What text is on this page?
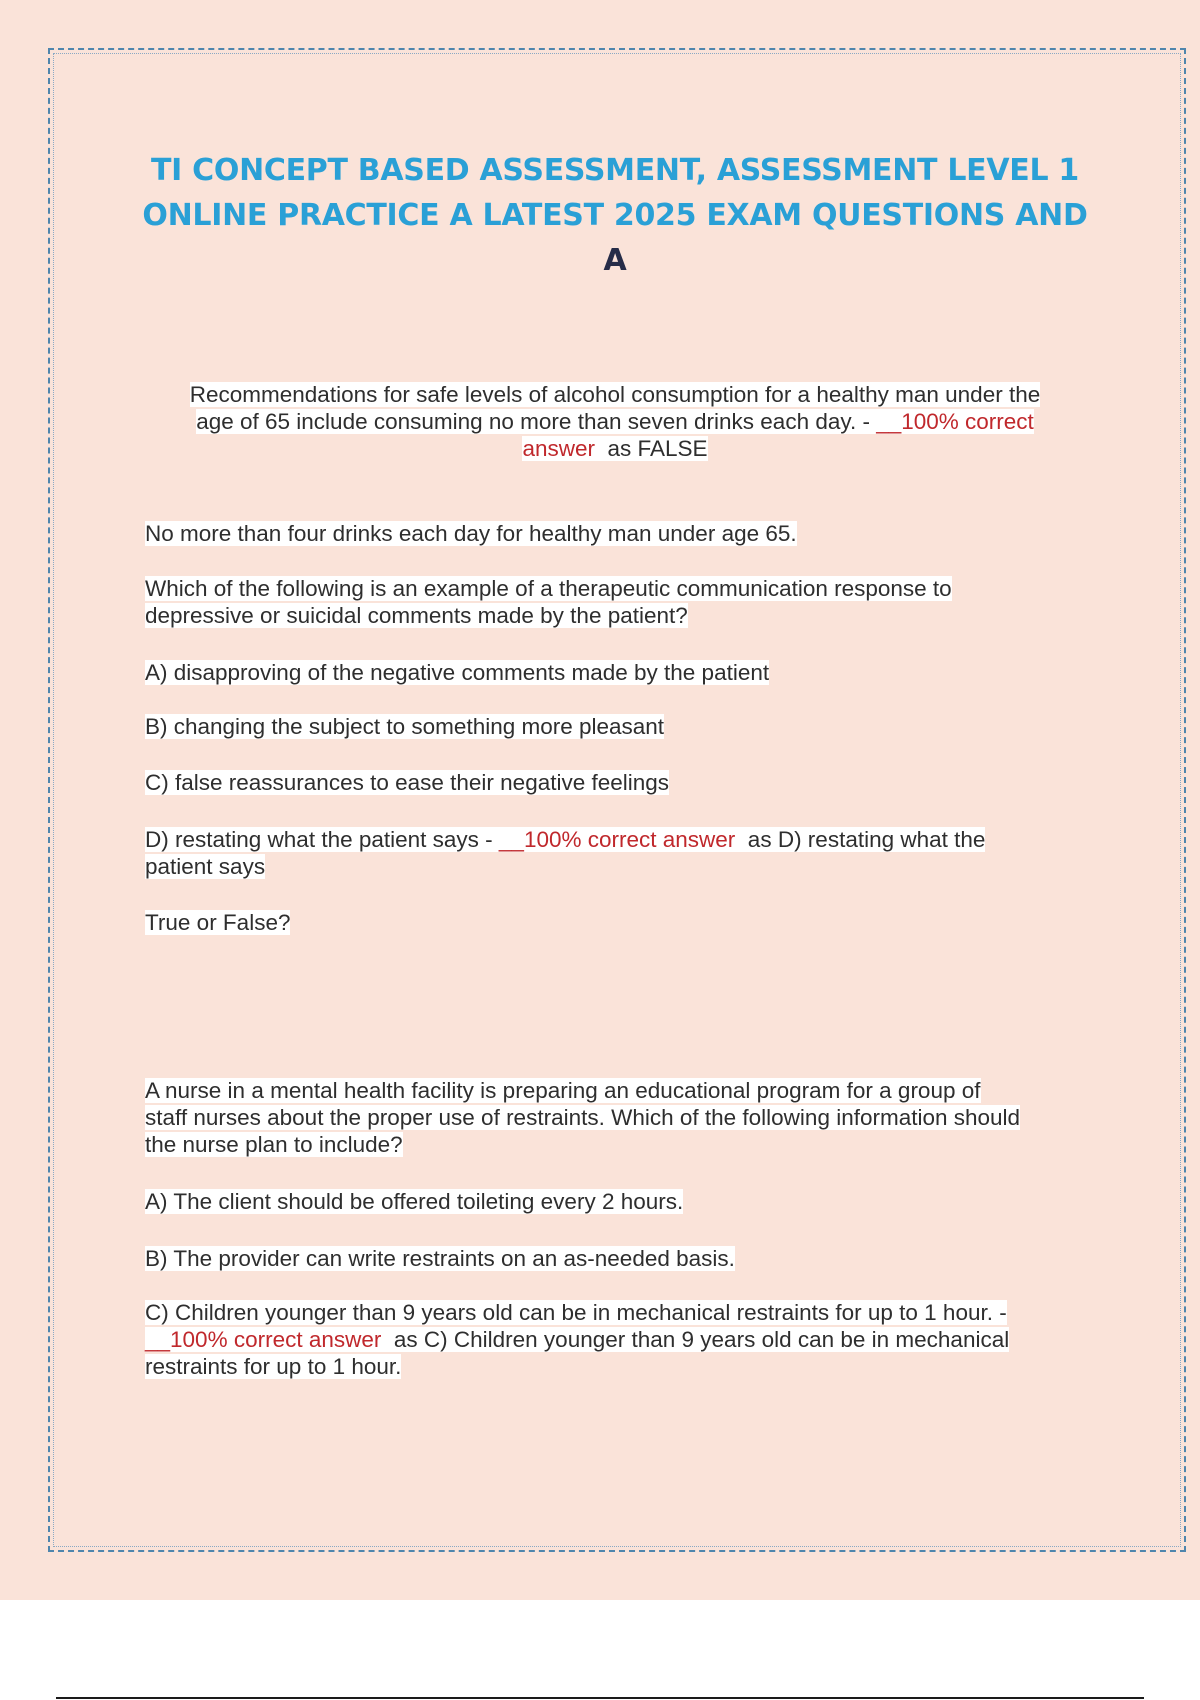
TI CONCEPT BASED ASSESSMENT, ASSESSMENT LEVEL 1
ONLINE PRACTICE A LATEST 2025 EXAM QUESTIONS AND
A
Recommendations for safe levels of alcohol consumption for a healthy man under the
age of 65 include consuming no more than seven drinks each day. - __100% correct
answer  as FALSE
No more than four drinks each day for healthy man under age 65.
Which of the following is an example of a therapeutic communication response to
depressive or suicidal comments made by the patient?
A) disapproving of the negative comments made by the patient
B) changing the subject to something more pleasant
C) false reassurances to ease their negative feelings
D) restating what the patient says - __100% correct answer  as D) restating what the
patient says
True or False?
A nurse in a mental health facility is preparing an educational program for a group of
staff nurses about the proper use of restraints. Which of the following information should
the nurse plan to include?
A) The client should be offered toileting every 2 hours.
B) The provider can write restraints on an as-needed basis.
C) Children younger than 9 years old can be in mechanical restraints for up to 1 hour. -
__100% correct answer  as C) Children younger than 9 years old can be in mechanical
restraints for up to 1 hour.
